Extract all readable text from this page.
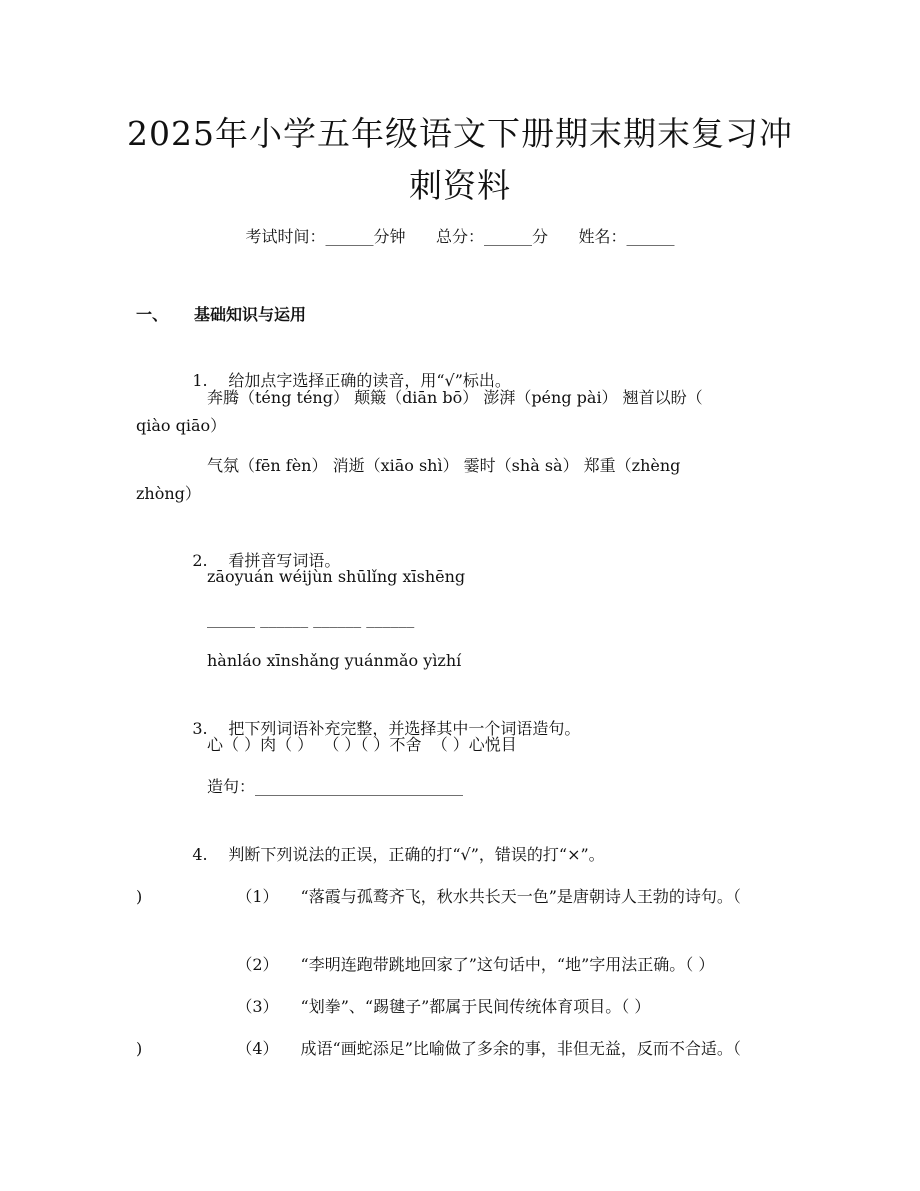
2025年小学五年级语文下册期末期末复习冲
刺资料
考试时间：______分钟      总分：______分      姓名：______
一、 基础知识与运用

1. 给加点字选择正确的读音，用“√”标出。

奔腾（téng téng） 颠簸（diān bō） 澎湃（péng pài） 翘首以盼（
qiào qiāo）
气氛（fēn fèn） 消逝（xiāo shì） 霎时（shà sà） 郑重（zhèng
zhòng）

2. 看拼音写词语。

zāoyuán wéijùn shūlǐng xīshēng
______ ______ ______ ______
hànláo xīnshǎng yuánmǎo yìzhí

3. 把下列词语补充完整，并选择其中一个词语造句。

心（ ）肉（ ）  （ ）（ ）不舍  （ ）心悦目
造句：__________________________

4. 判断下列说法的正误，正确的打“√”，错误的打“×”。

（1） “落霞与孤鹜齐飞，秋水共长天一色”是唐朝诗人王勃的诗句。（

)

（2） “李明连跑带跳地回家了”这句话中，“地”字用法正确。（ ）

（3） “划拳”、“踢毽子”都属于民间传统体育项目。（ ）

（4） 成语“画蛇添足”比喻做了多余的事，非但无益，反而不合适。（

)
